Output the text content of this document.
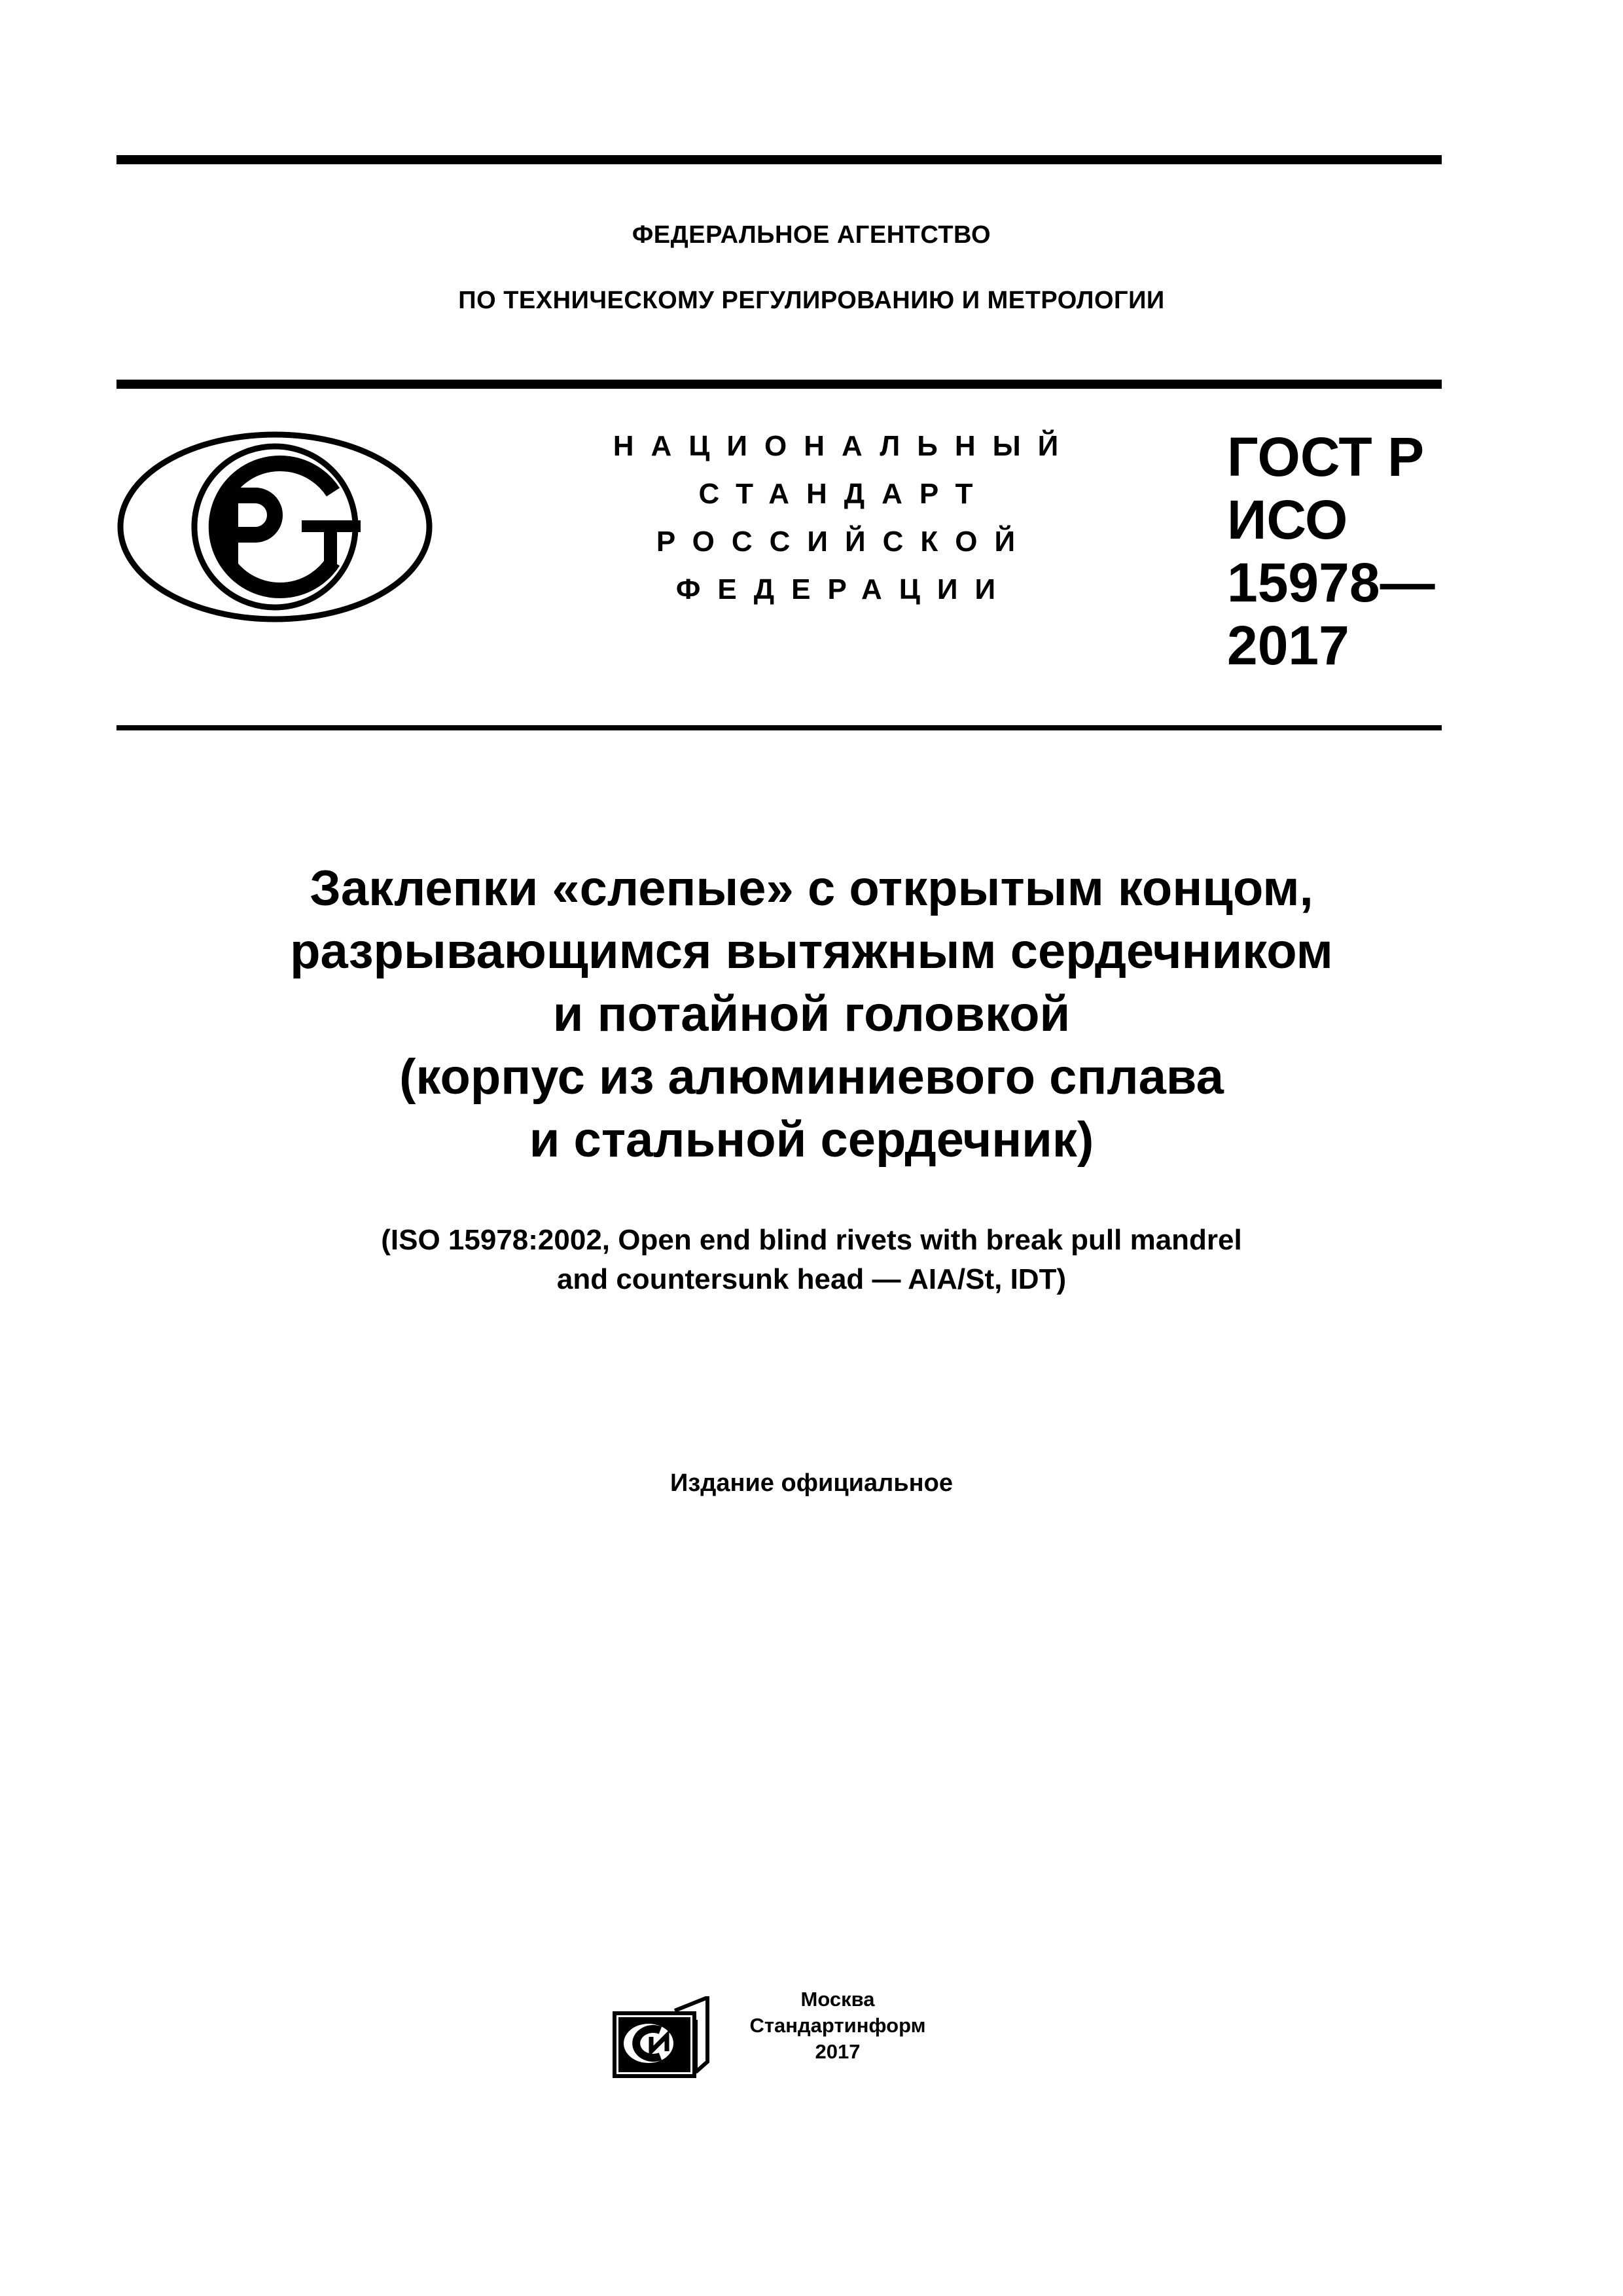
ФЕДЕРАЛЬНОЕ АГЕНТСТВО
ПО ТЕХНИЧЕСКОМУ РЕГУЛИРОВАНИЮ И МЕТРОЛОГИИ
НАЦИОНАЛЬНЫЙ
СТАНДАРТ
РОССИЙСКОЙ
ФЕДЕРАЦИИ
ГОСТ Р
ИСО
15978—
2017
Заклепки «слепые» с открытым концом,
разрывающимся вытяжным сердечником
и потайной головкой
(корпус из алюминиевого сплава
и стальной сердечник)
(ISO 15978:2002, Open end blind rivets with break pull mandrel
and countersunk head — AIA/St, IDT)
Издание официальное
Москва
Стандартинформ
2017
